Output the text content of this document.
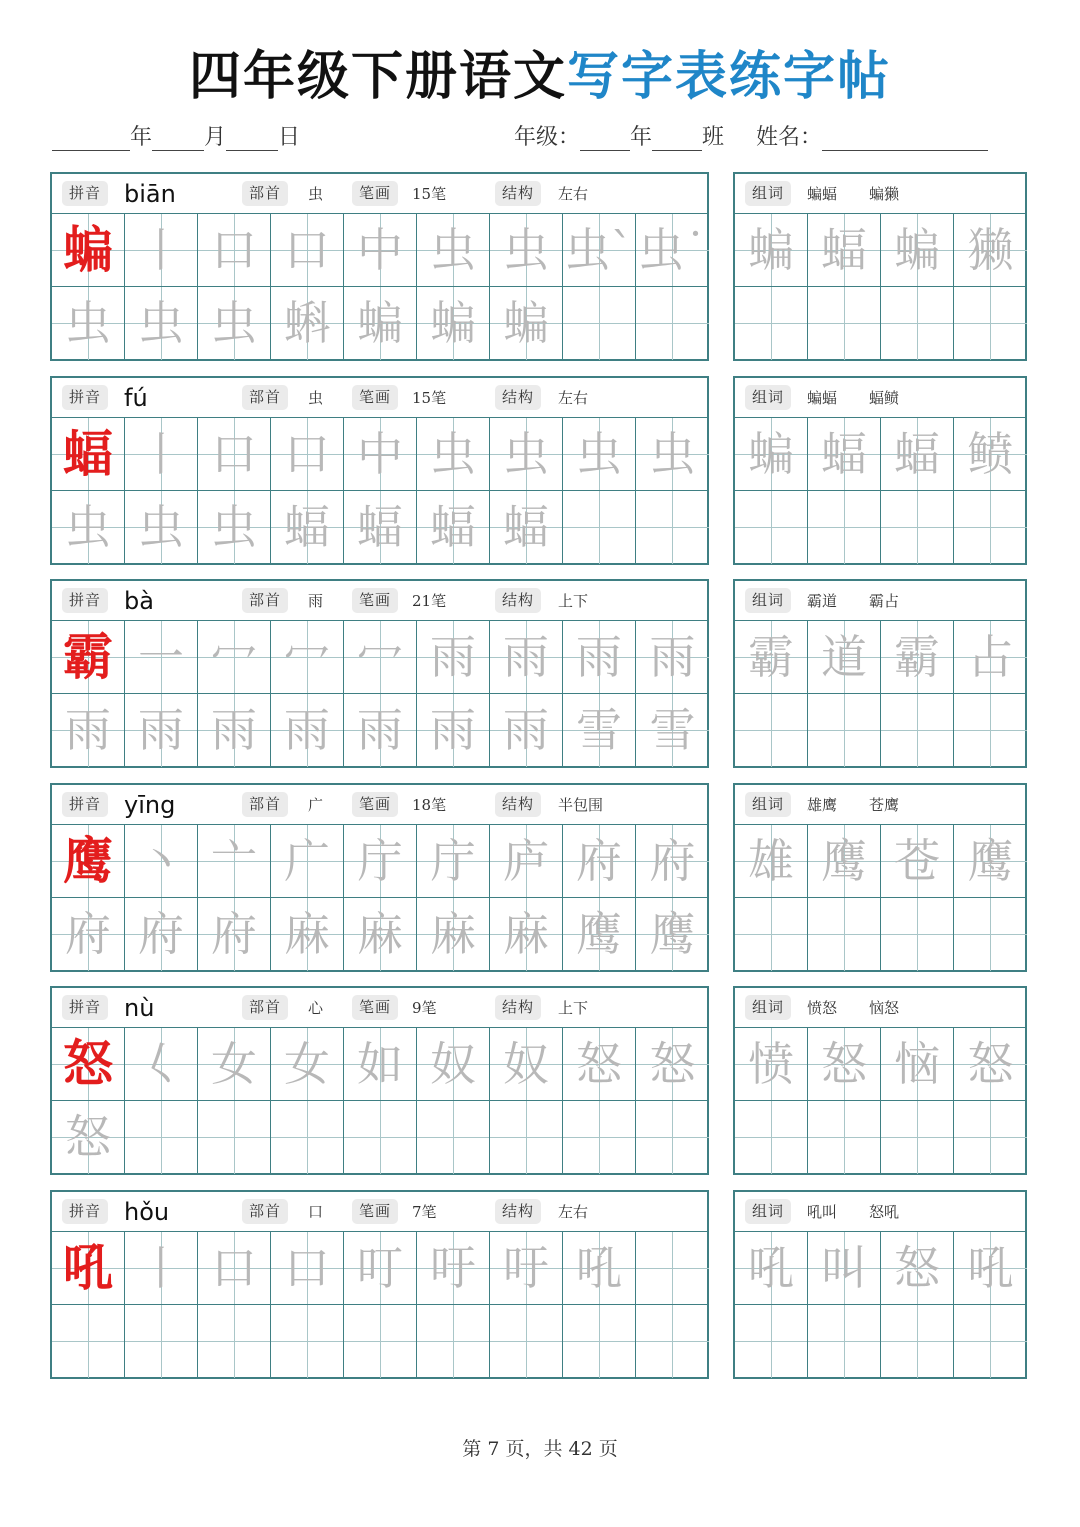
四年级下册语文写字表练字帖
年 月 日	年级： 年 班 姓名：
拼音 biān	部首	虫	笔画	15笔	结构	左右
蝙 丨 口 口 中 虫 虫 虫` 虫˙
虫 虫 虫 蝌 蝙 蝙 蝙
组词	蝙蝠 蝙獭
蝙 蝠 蝙 獭
拼音 fú	部首	虫	笔画	15笔	结构	左右
蝠 丨 口 口 中 虫 虫 虫 虫
虫 虫 虫 蝠 蝠 蝠 蝠
组词	蝙蝠 蝠鲼
蝙 蝠 蝠 鲼
拼音 bà	部首	雨	笔画	21笔	结构	上下
霸 一 冖 冖 冖 雨 雨 雨 雨
雨 雨 雨 雨 雨 雨 雨 雪 雪
组词	霸道 霸占
霸 道 霸 占
拼音 yīng	部首	广	笔画	18笔	结构	半包围
鹰 丶 亠 广 庁 庁 庐 府 府
府 府 府 麻 麻 麻 麻 鹰 鹰
组词	雄鹰 苍鹰
雄 鹰 苍 鹰
拼音 nù	部首	心	笔画	9笔	结构	上下
怒 𡿨 女 女 如 奴 奴 怒 怒
怒
组词	愤怒 恼怒
愤 怒 恼 怒
拼音 hǒu	部首	口	笔画	7笔	结构	左右
吼 丨 口 口 叮 吁 吁 吼
组词	吼叫 怒吼
吼 叫 怒 吼
第 7 页，共 42 页
